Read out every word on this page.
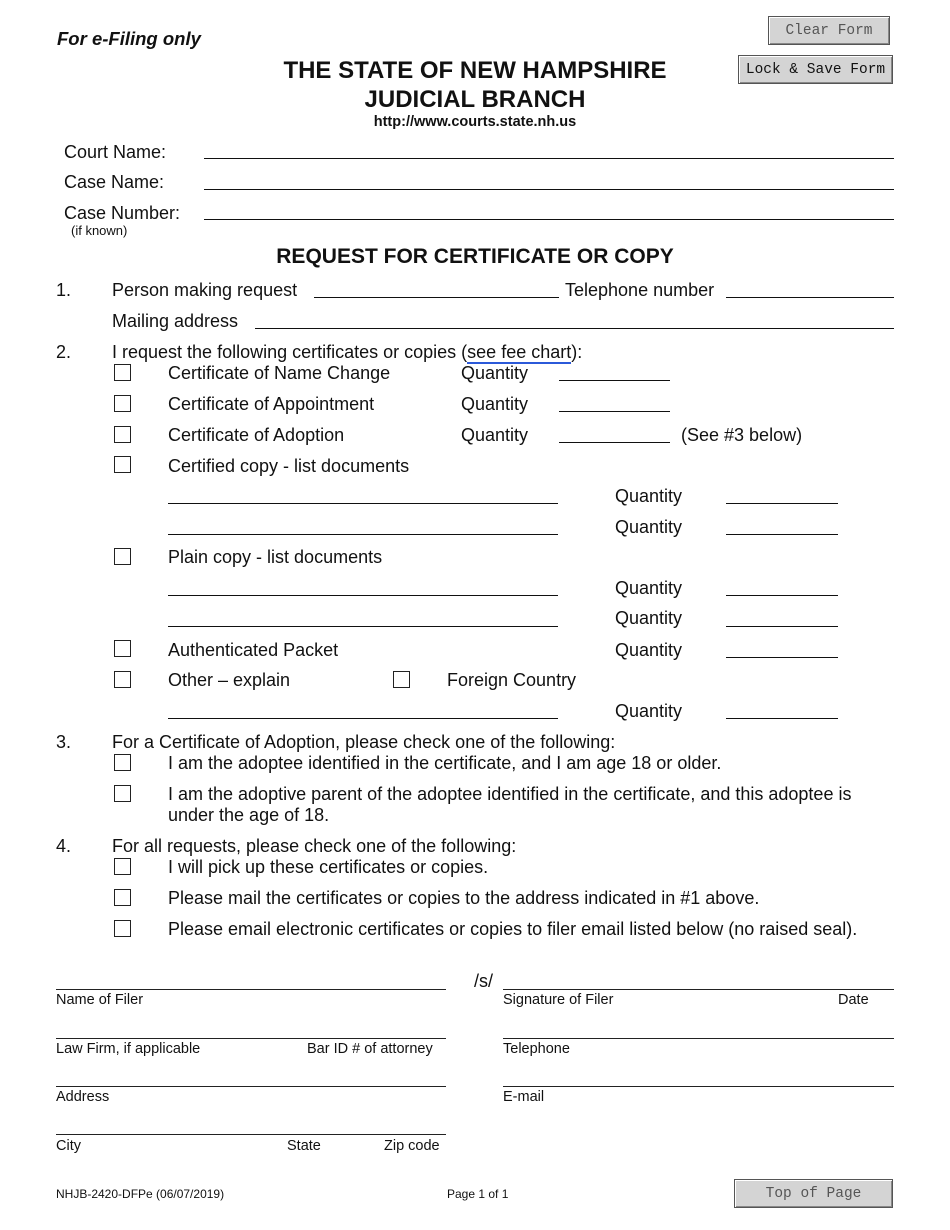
For e-Filing only
THE STATE OF NEW HAMPSHIRE
JUDICIAL BRANCH
http://www.courts.state.nh.us
Clear Form
Lock & Save Form
Court Name:
Case Name:
Case Number:
(if known)
REQUEST FOR CERTIFICATE OR COPY
1. Person making request	Telephone number
Mailing address
2. I request the following certificates or copies (see fee chart):
Certificate of Name Change	Quantity
Certificate of Appointment	Quantity
Certificate of Adoption	Quantity	(See #3 below)
Certified copy - list documents
Quantity
Quantity
Plain copy - list documents
Quantity
Quantity
Authenticated Packet	Quantity
Other – explain	Foreign Country
Quantity
3. For a Certificate of Adoption, please check one of the following:
I am the adoptee identified in the certificate, and I am age 18 or older.
I am the adoptive parent of the adoptee identified in the certificate, and this adoptee is
under the age of 18.
4. For all requests, please check one of the following:
I will pick up these certificates or copies.
Please mail the certificates or copies to the address indicated in #1 above.
Please email electronic certificates or copies to filer email listed below (no raised seal).
/s/
Name of Filer	Signature of Filer	Date
Law Firm, if applicable	Bar ID # of attorney	Telephone
Address	E-mail
City	State	Zip code
NHJB-2420-DFPe (06/07/2019)	Page 1 of 1	Top of Page
